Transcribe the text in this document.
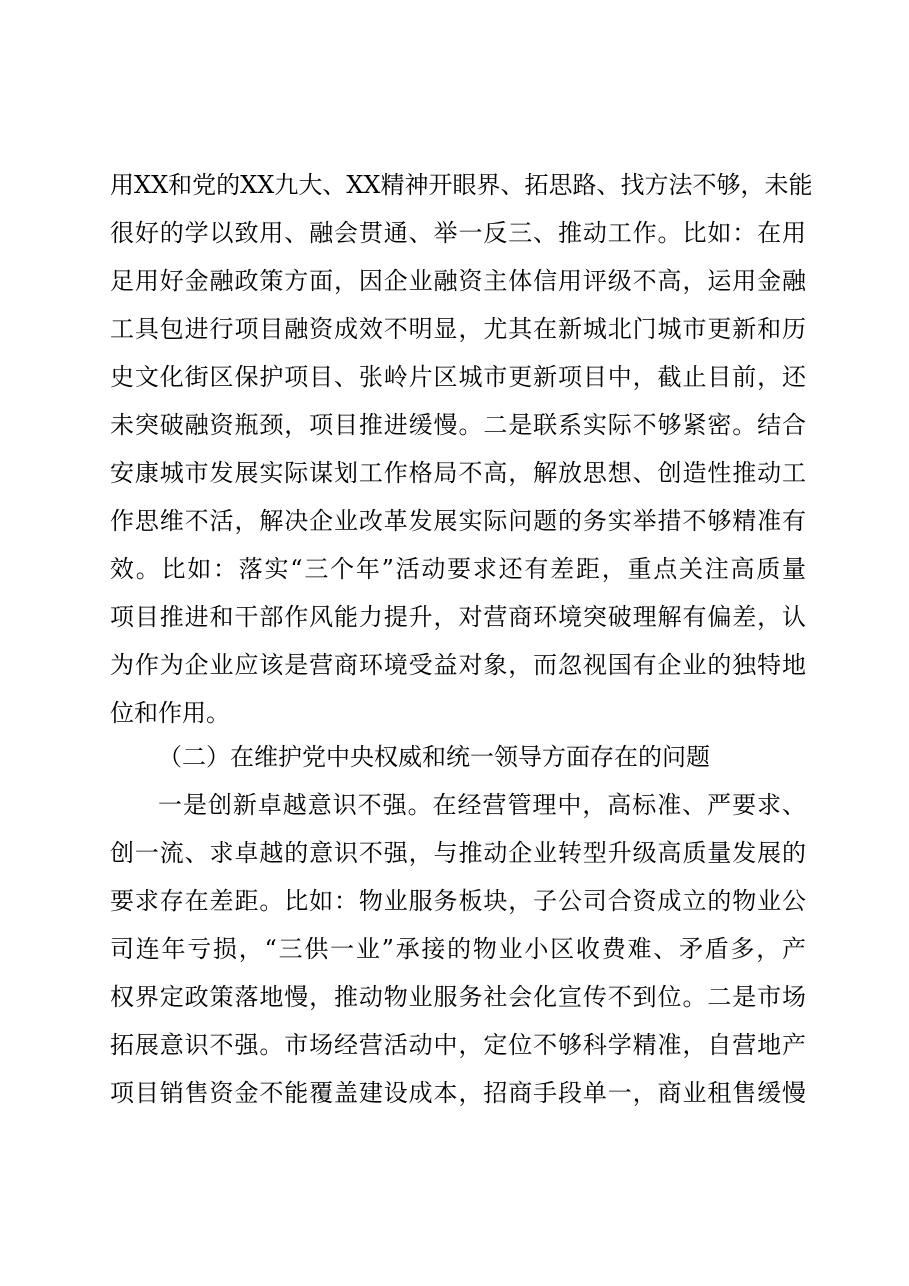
用XX和党的XX九大、XX精神开眼界、拓思路、找方法不够，未能
很好的学以致用、融会贯通、举一反三、推动工作。比如：在用
足用好金融政策方面，因企业融资主体信用评级不高，运用金融
工具包进行项目融资成效不明显，尤其在新城北门城市更新和历
史文化街区保护项目、张岭片区城市更新项目中，截止目前，还
未突破融资瓶颈，项目推进缓慢。二是联系实际不够紧密。结合
安康城市发展实际谋划工作格局不高，解放思想、创造性推动工
作思维不活，解决企业改革发展实际问题的务实举措不够精准有
效。比如：落实“三个年”活动要求还有差距，重点关注高质量
项目推进和干部作风能力提升，对营商环境突破理解有偏差，认
为作为企业应该是营商环境受益对象，而忽视国有企业的独特地
位和作用。
（二）在维护党中央权威和统一领导方面存在的问题
一是创新卓越意识不强。在经营管理中，高标准、严要求、
创一流、求卓越的意识不强，与推动企业转型升级高质量发展的
要求存在差距。比如：物业服务板块，子公司合资成立的物业公
司连年亏损，“三供一业”承接的物业小区收费难、矛盾多，产
权界定政策落地慢，推动物业服务社会化宣传不到位。二是市场
拓展意识不强。市场经营活动中，定位不够科学精准，自营地产
项目销售资金不能覆盖建设成本，招商手段单一，商业租售缓慢
